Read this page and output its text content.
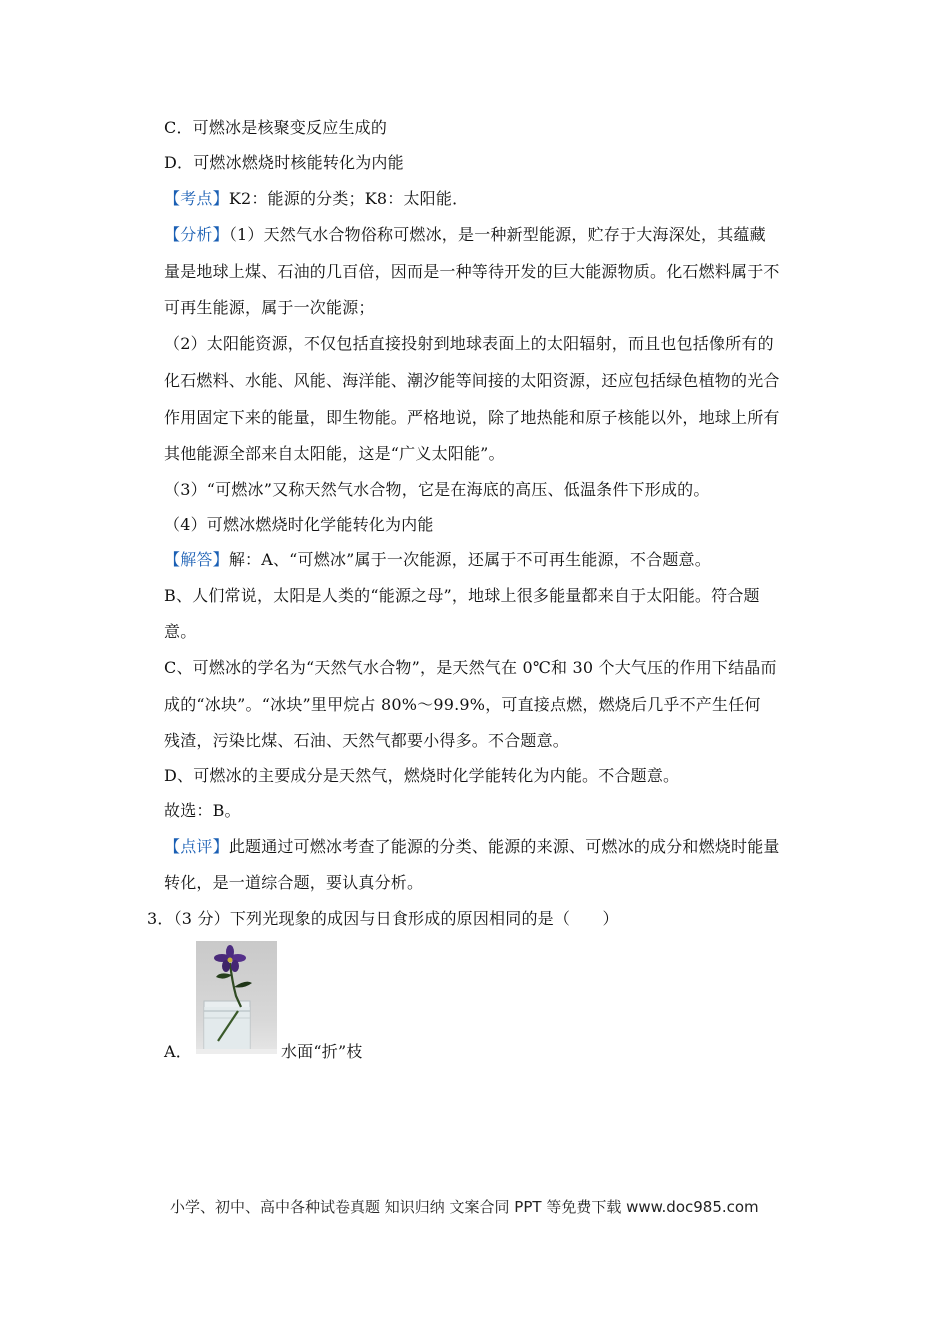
C．可燃冰是核聚变反应生成的
D．可燃冰燃烧时核能转化为内能
【考点】K2：能源的分类；K8：太阳能．
【分析】（1）天然气水合物俗称可燃冰，是一种新型能源，贮存于大海深处，其蕴藏
量是地球上煤、石油的几百倍，因而是一种等待开发的巨大能源物质。化石燃料属于不
可再生能源，属于一次能源；
（2）太阳能资源，不仅包括直接投射到地球表面上的太阳辐射，而且也包括像所有的
化石燃料、水能、风能、海洋能、潮汐能等间接的太阳资源，还应包括绿色植物的光合
作用固定下来的能量，即生物能。严格地说，除了地热能和原子核能以外，地球上所有
其他能源全部来自太阳能，这是“广义太阳能”。
（3）“可燃冰”又称天然气水合物，它是在海底的高压、低温条件下形成的。
（4）可燃冰燃烧时化学能转化为内能
【解答】解：A、“可燃冰”属于一次能源，还属于不可再生能源，不合题意。
B、人们常说，太阳是人类的“能源之母”，地球上很多能量都来自于太阳能。符合题
意。
C、可燃冰的学名为“天然气水合物”，是天然气在 0℃和 30 个大气压的作用下结晶而
成的“冰块”。“冰块”里甲烷占 80%～99.9%，可直接点燃，燃烧后几乎不产生任何
残渣，污染比煤、石油、天然气都要小得多。不合题意。
D、可燃冰的主要成分是天然气，燃烧时化学能转化为内能。不合题意。
故选：B。
【点评】此题通过可燃冰考查了能源的分类、能源的来源、可燃冰的成分和燃烧时能量
转化，是一道综合题，要认真分析。
3．（3 分）下列光现象的成因与日食形成的原因相同的是（　　）
A．	水面“折”枝
小学、初中、高中各种试卷真题 知识归纳 文案合同 PPT 等免费下载 www.doc985.com
